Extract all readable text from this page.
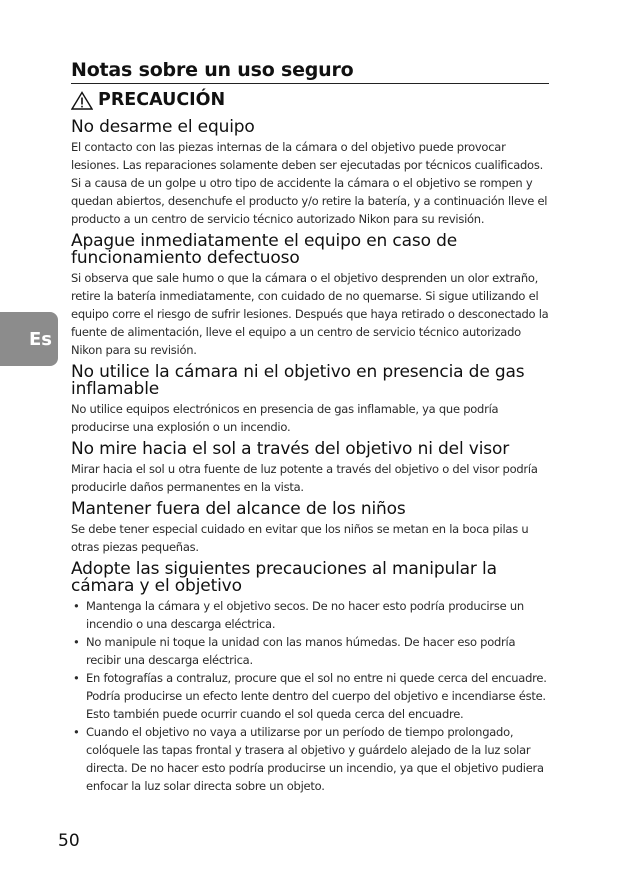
Notas sobre un uso seguro
PRECAUCIÓN
No desarme el equipo

El contacto con las piezas internas de la cámara o del objetivo puede provocar lesiones. Las reparaciones solamente deben ser ejecutadas por técnicos cualificados. Si a causa de un golpe u otro tipo de accidente la cámara o el objetivo se rompen y quedan abiertos, desenchufe el producto y/o retire la batería, y a continuación lleve el producto a un centro de servicio técnico autorizado Nikon para su revisión.

Apague inmediatamente el equipo en caso de funcionamiento defectuoso

Si observa que sale humo o que la cámara o el objetivo desprenden un olor extraño, retire la batería inmediatamente, con cuidado de no quemarse. Si sigue utilizando el equipo corre el riesgo de sufrir lesiones. Después que haya retirado o desconectado la fuente de alimentación, lleve el equipo a un centro de servicio técnico autorizado Nikon para su revisión.

No utilice la cámara ni el objetivo en presencia de gas inflamable

No utilice equipos electrónicos en presencia de gas inflamable, ya que podría producirse una explosión o un incendio.

No mire hacia el sol a través del objetivo ni del visor

Mirar hacia el sol u otra fuente de luz potente a través del objetivo o del visor podría producirle daños permanentes en la vista.

Mantener fuera del alcance de los niños

Se debe tener especial cuidado en evitar que los niños se metan en la boca pilas u otras piezas pequeñas.

Adopte las siguientes precauciones al manipular la cámara y el objetivo
• Mantenga la cámara y el objetivo secos. De no hacer esto podría producirse un incendio o una descarga eléctrica.
• No manipule ni toque la unidad con las manos húmedas. De hacer eso podría recibir una descarga eléctrica.
• En fotografías a contraluz, procure que el sol no entre ni quede cerca del encuadre. Podría producirse un efecto lente dentro del cuerpo del objetivo e incendiarse éste. Esto también puede ocurrir cuando el sol queda cerca del encuadre.
• Cuando el objetivo no vaya a utilizarse por un período de tiempo prolongado, colóquele las tapas frontal y trasera al objetivo y guárdelo alejado de la luz solar directa. De no hacer esto podría producirse un incendio, ya que el objetivo pudiera enfocar la luz solar directa sobre un objeto.
Es
50
